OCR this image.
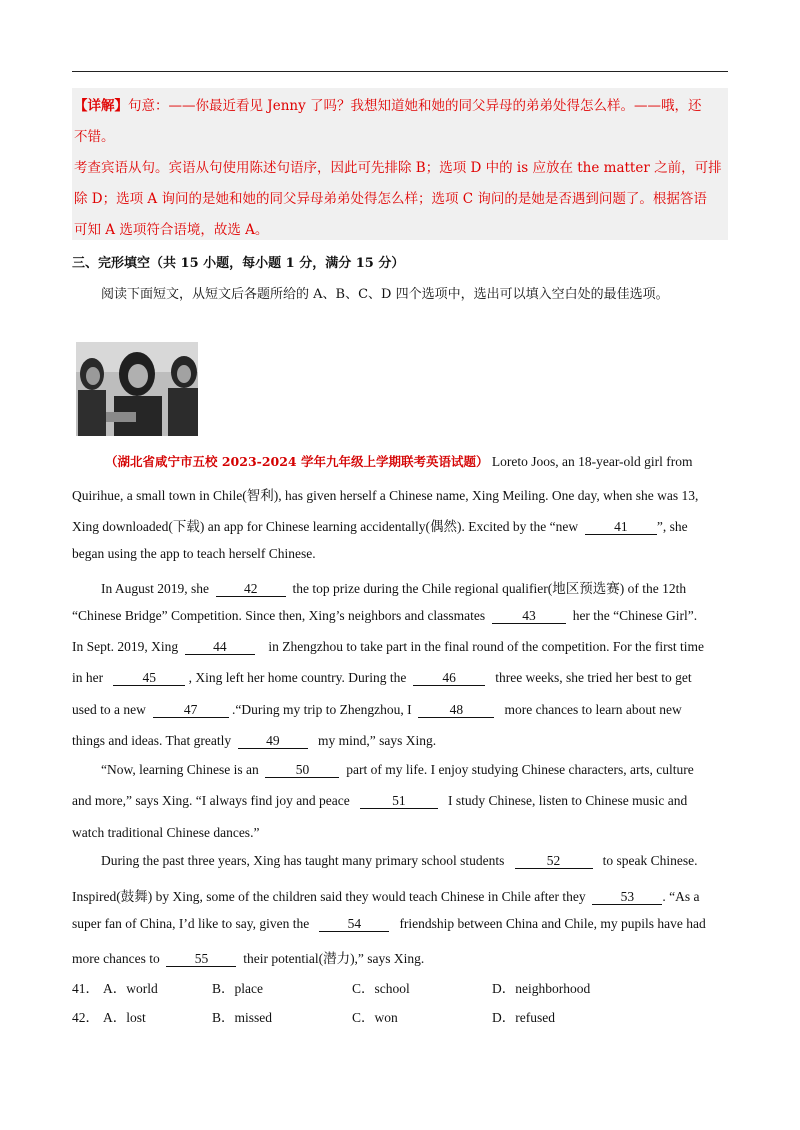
【详解】句意：——你最近看见 Jenny 了吗？我想知道她和她的同父异母的弟弟处得怎么样。——哦，还
不错。
考查宾语从句。宾语从句使用陈述句语序，因此可先排除 B；选项 D 中的 is 应放在 the matter 之前，可排
除 D；选项 A 询问的是她和她的同父异母弟弟处得怎么样；选项 C 询问的是她是否遇到问题了。根据答语
可知 A 选项符合语境，故选 A。
三、完形填空（共 15 小题，每小题 1 分，满分 15 分）
阅读下面短文，从短文后各题所给的 A、B、C、D 四个选项中，选出可以填入空白处的最佳选项。
（湖北省咸宁市五校 2023-2024 学年九年级上学期联考英语试题） Loreto Joos, an 18-year-old girl from
Quirihue, a small town in Chile(智利), has given herself a Chinese name, Xing Meiling. One day, when she was 13,
Xing downloaded(下载) an app for Chinese learning accidentally(偶然). Excited by the “new	41 ”, she
began using the app to teach herself Chinese.
In August 2019, she	42	the top prize during the Chile regional qualifier(地区预选赛) of the 12th
“Chinese Bridge” Competition. Since then, Xing’s neighbors and classmates	43	her the “Chinese Girl”.
In Sept. 2019, Xing	44	in Zhengzhou to take part in the final round of the competition. For the first time
in her	45 , Xing left her home country. During the	46	three weeks, she tried her best to get
used to a new	47	.“During my trip to Zhengzhou, I	48	more chances to learn about new
things and ideas. That greatly	49	my mind,” says Xing.
“Now, learning Chinese is an	50	part of my life. I enjoy studying Chinese characters, arts, culture
and more,” says Xing. “I always find joy and peace	51	I study Chinese, listen to Chinese music and
watch traditional Chinese dances.”
During the past three years, Xing has taught many primary school students	52	to speak Chinese.
Inspired(鼓舞) by Xing, some of the children said they would teach Chinese in Chile after they	53 . “As a
super fan of China, I’d like to say, given the	54	friendship between China and Chile, my pupils have had
more chances to	55	their potential(潜力),” says Xing.
41． A．world	B．place	C．school	D．neighborhood
42． A．lost	B．missed	C．won	D．refused
